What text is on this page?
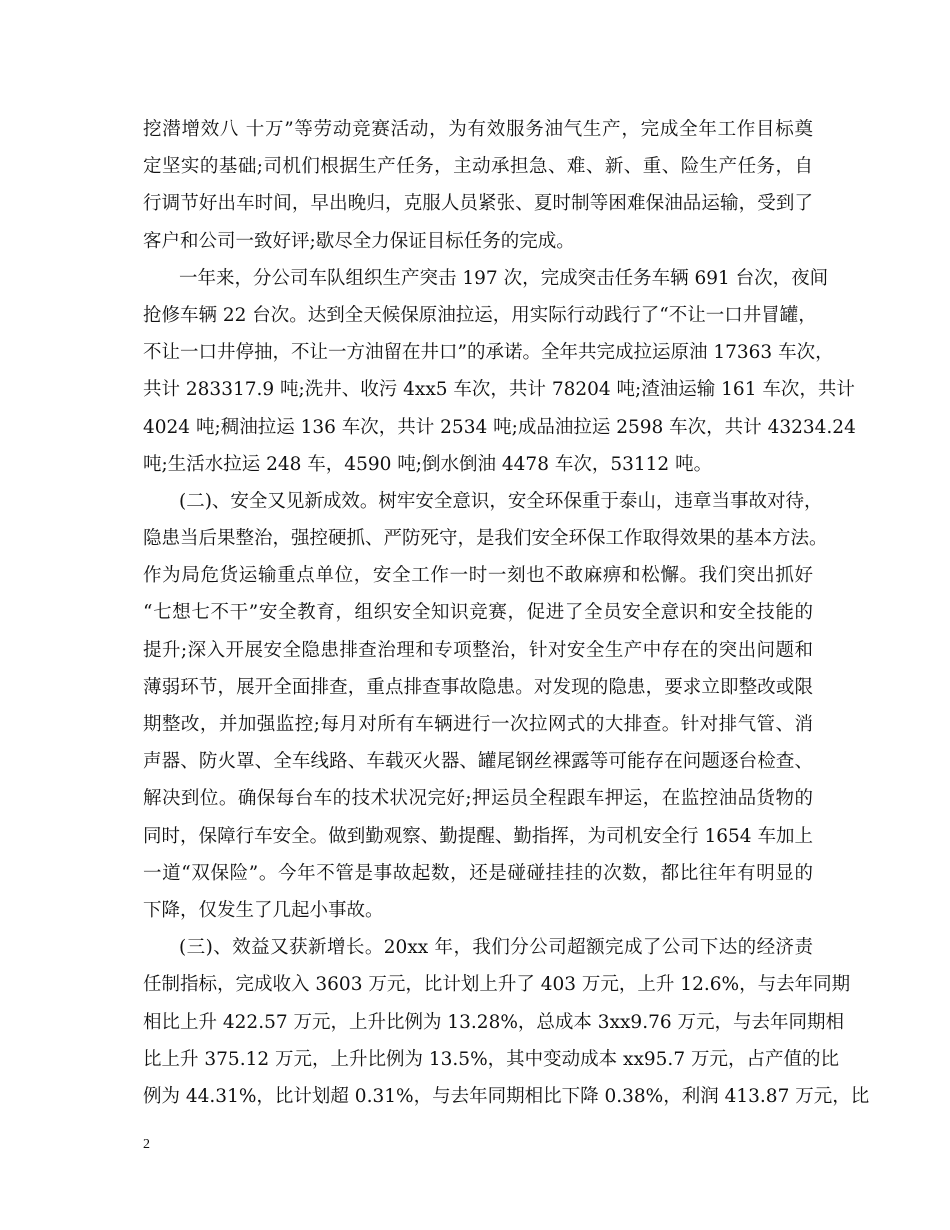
挖潜增效八 十万”等劳动竞赛活动，为有效服务油气生产，完成全年工作目标奠
定坚实的基础;司机们根据生产任务，主动承担急、难、新、重、险生产任务，自
行调节好出车时间，早出晚归，克服人员紧张、夏时制等困难保油品运输，受到了
客户和公司一致好评;歇尽全力保证目标任务的完成。
一年来，分公司车队组织生产突击 197 次，完成突击任务车辆 691 台次，夜间
抢修车辆 22 台次。达到全天候保原油拉运，用实际行动践行了“不让一口井冒罐，
不让一口井停抽，不让一方油留在井口”的承诺。全年共完成拉运原油 17363 车次，
共计 283317.9 吨;洗井、收污 4xx5 车次，共计 78204 吨;渣油运输 161 车次，共计
4024 吨;稠油拉运 136 车次，共计 2534 吨;成品油拉运 2598 车次，共计 43234.24
吨;生活水拉运 248 车，4590 吨;倒水倒油 4478 车次，53112 吨。
(二)、安全又见新成效。树牢安全意识，安全环保重于泰山，违章当事故对待，
隐患当后果整治，强控硬抓、严防死守，是我们安全环保工作取得效果的基本方法。
作为局危货运输重点单位，安全工作一时一刻也不敢麻痹和松懈。我们突出抓好
“七想七不干”安全教育，组织安全知识竞赛，促进了全员安全意识和安全技能的
提升;深入开展安全隐患排查治理和专项整治，针对安全生产中存在的突出问题和
薄弱环节，展开全面排查，重点排查事故隐患。对发现的隐患，要求立即整改或限
期整改，并加强监控;每月对所有车辆进行一次拉网式的大排查。针对排气管、消
声器、防火罩、全车线路、车载灭火器、罐尾钢丝裸露等可能存在问题逐台检查、
解决到位。确保每台车的技术状况完好;押运员全程跟车押运，在监控油品货物的
同时，保障行车安全。做到勤观察、勤提醒、勤指挥，为司机安全行 1654 车加上
一道“双保险”。今年不管是事故起数，还是碰碰挂挂的次数，都比往年有明显的
下降，仅发生了几起小事故。
(三)、效益又获新增长。20xx 年，我们分公司超额完成了公司下达的经济责
任制指标，完成收入 3603 万元，比计划上升了 403 万元，上升 12.6%，与去年同期
相比上升 422.57 万元，上升比例为 13.28%，总成本 3xx9.76 万元，与去年同期相
比上升 375.12 万元，上升比例为 13.5%，其中变动成本 xx95.7 万元，占产值的比
例为 44.31%，比计划超 0.31%，与去年同期相比下降 0.38%，利润 413.87 万元，比
2
